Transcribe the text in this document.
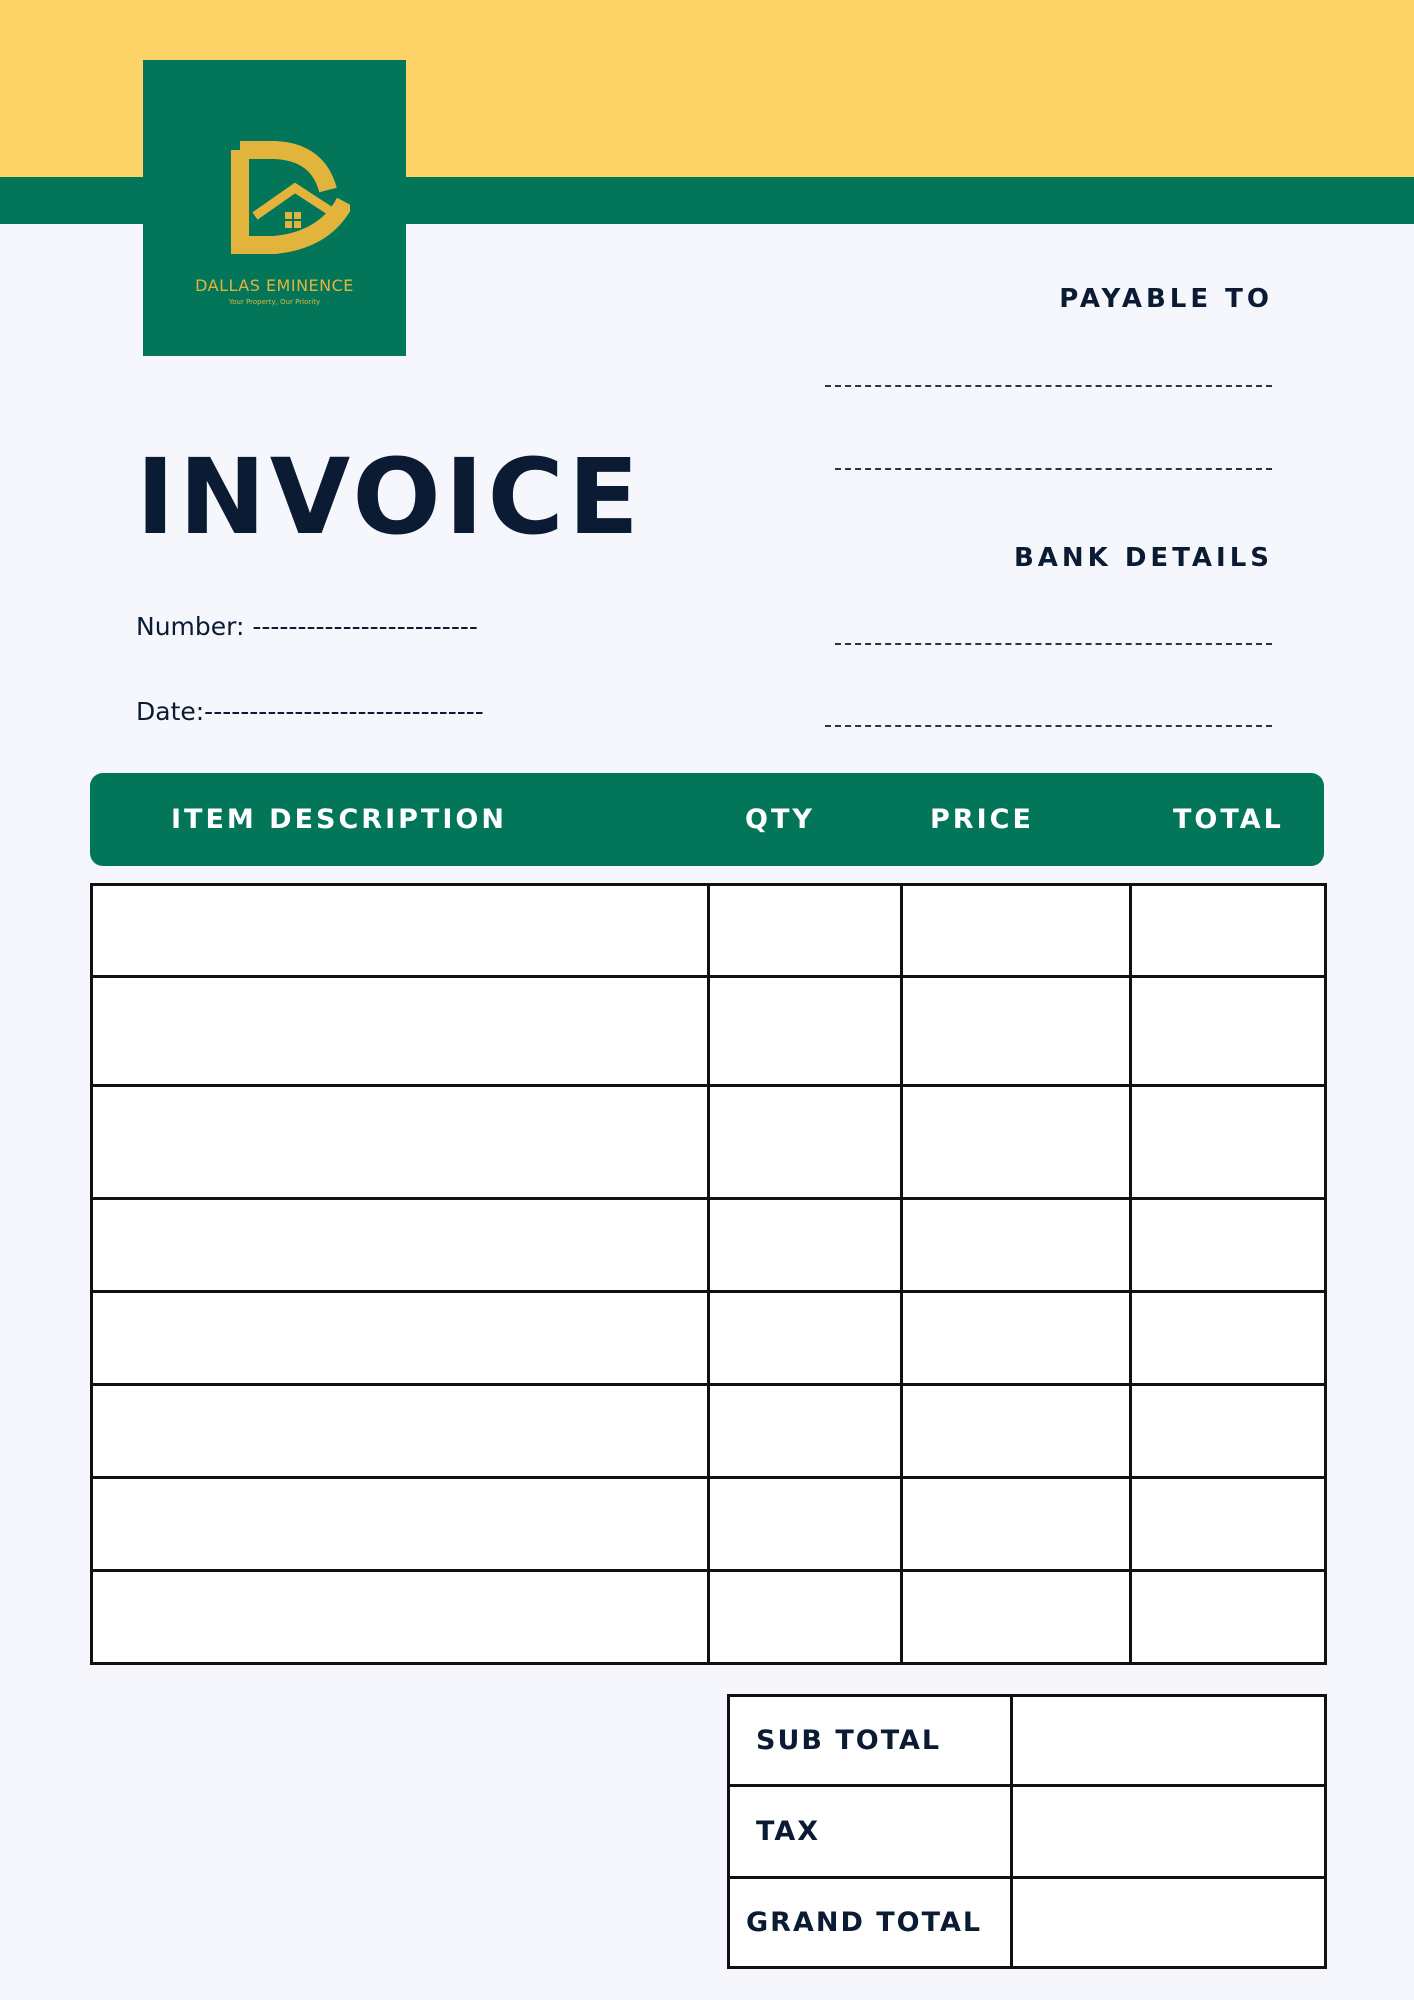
DALLAS EMINENCE
Your Property, Our Priority
INVOICE
Number: -------------------------
Date:-------------------------------
PAYABLE TO
BANK DETAILS
ITEM DESCRIPTION	QTY	PRICE	TOTAL

SUB TOTAL	
TAX	
GRAND TOTAL	
